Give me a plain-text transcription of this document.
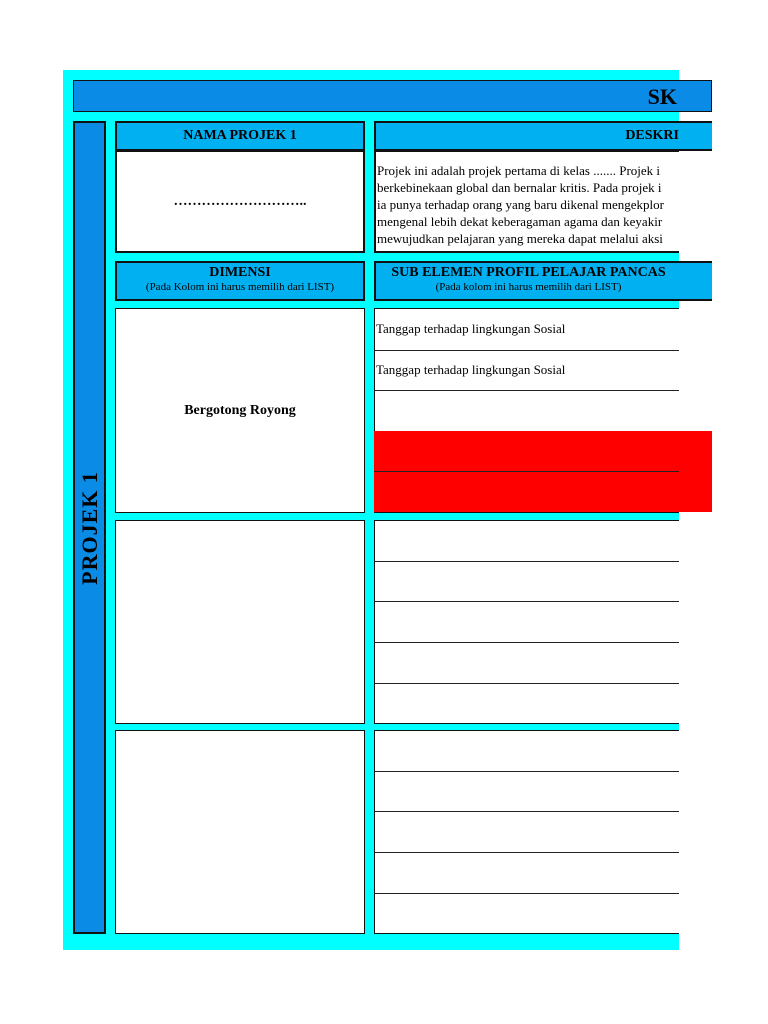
SK
PROJEK 1
NAMA PROJEK 1
………………………..
DESKRI
Projek ini adalah projek pertama di kelas ....... Projek i
berkebinekaan global dan bernalar kritis. Pada projek i
ia punya terhadap orang yang baru dikenal mengekplor
mengenal lebih dekat keberagaman agama dan keyakir
mewujudkan pelajaran yang mereka dapat melalui aksi
DIMENSI
(Pada Kolom ini harus memilih dari LIST)
SUB ELEMEN PROFIL PELAJAR PANCAS
(Pada kolom ini harus memilih dari LIST)
Bergotong Royong
Tanggap terhadap lingkungan Sosial
Tanggap terhadap lingkungan Sosial
